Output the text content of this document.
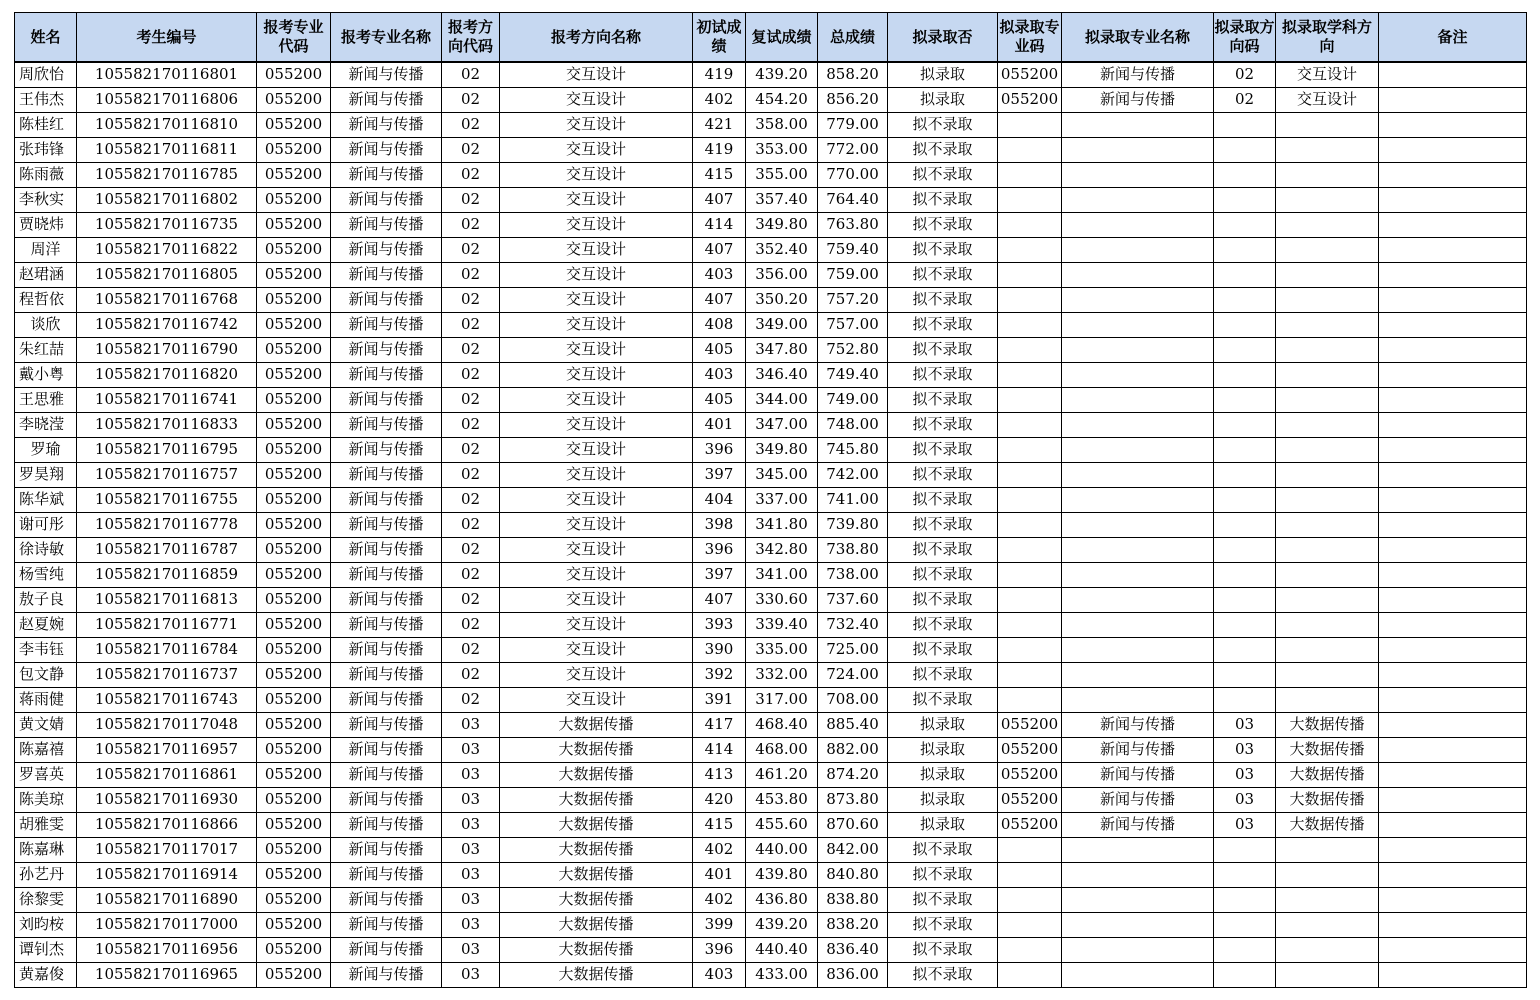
姓名	考生编号	报考专业代码	报考专业名称	报考方向代码	报考方向名称	初试成绩	复试成绩	总成绩	拟录取否	拟录取专业码	拟录取专业名称	拟录取方向码	拟录取学科方向	备注
周欣怡	105582170116801	055200	新闻与传播	02	交互设计	419	439.20	858.20	拟录取	055200	新闻与传播	02	交互设计	
王伟杰	105582170116806	055200	新闻与传播	02	交互设计	402	454.20	856.20	拟录取	055200	新闻与传播	02	交互设计	
陈桂红	105582170116810	055200	新闻与传播	02	交互设计	421	358.00	779.00	拟不录取					
张玮锋	105582170116811	055200	新闻与传播	02	交互设计	419	353.00	772.00	拟不录取					
陈雨薇	105582170116785	055200	新闻与传播	02	交互设计	415	355.00	770.00	拟不录取					
李秋实	105582170116802	055200	新闻与传播	02	交互设计	407	357.40	764.40	拟不录取					
贾晓炜	105582170116735	055200	新闻与传播	02	交互设计	414	349.80	763.80	拟不录取					
周洋	105582170116822	055200	新闻与传播	02	交互设计	407	352.40	759.40	拟不录取					
赵珺涵	105582170116805	055200	新闻与传播	02	交互设计	403	356.00	759.00	拟不录取					
程哲依	105582170116768	055200	新闻与传播	02	交互设计	407	350.20	757.20	拟不录取					
谈欣	105582170116742	055200	新闻与传播	02	交互设计	408	349.00	757.00	拟不录取					
朱红喆	105582170116790	055200	新闻与传播	02	交互设计	405	347.80	752.80	拟不录取					
戴小粤	105582170116820	055200	新闻与传播	02	交互设计	403	346.40	749.40	拟不录取					
王思雅	105582170116741	055200	新闻与传播	02	交互设计	405	344.00	749.00	拟不录取					
李晓滢	105582170116833	055200	新闻与传播	02	交互设计	401	347.00	748.00	拟不录取					
罗瑜	105582170116795	055200	新闻与传播	02	交互设计	396	349.80	745.80	拟不录取					
罗昊翔	105582170116757	055200	新闻与传播	02	交互设计	397	345.00	742.00	拟不录取					
陈华斌	105582170116755	055200	新闻与传播	02	交互设计	404	337.00	741.00	拟不录取					
谢可彤	105582170116778	055200	新闻与传播	02	交互设计	398	341.80	739.80	拟不录取					
徐诗敏	105582170116787	055200	新闻与传播	02	交互设计	396	342.80	738.80	拟不录取					
杨雪纯	105582170116859	055200	新闻与传播	02	交互设计	397	341.00	738.00	拟不录取					
敖子良	105582170116813	055200	新闻与传播	02	交互设计	407	330.60	737.60	拟不录取					
赵夏婉	105582170116771	055200	新闻与传播	02	交互设计	393	339.40	732.40	拟不录取					
李韦钰	105582170116784	055200	新闻与传播	02	交互设计	390	335.00	725.00	拟不录取					
包文静	105582170116737	055200	新闻与传播	02	交互设计	392	332.00	724.00	拟不录取					
蒋雨健	105582170116743	055200	新闻与传播	02	交互设计	391	317.00	708.00	拟不录取					
黄文婧	105582170117048	055200	新闻与传播	03	大数据传播	417	468.40	885.40	拟录取	055200	新闻与传播	03	大数据传播	
陈嘉禧	105582170116957	055200	新闻与传播	03	大数据传播	414	468.00	882.00	拟录取	055200	新闻与传播	03	大数据传播	
罗喜英	105582170116861	055200	新闻与传播	03	大数据传播	413	461.20	874.20	拟录取	055200	新闻与传播	03	大数据传播	
陈美琼	105582170116930	055200	新闻与传播	03	大数据传播	420	453.80	873.80	拟录取	055200	新闻与传播	03	大数据传播	
胡雅雯	105582170116866	055200	新闻与传播	03	大数据传播	415	455.60	870.60	拟录取	055200	新闻与传播	03	大数据传播	
陈嘉琳	105582170117017	055200	新闻与传播	03	大数据传播	402	440.00	842.00	拟不录取					
孙艺丹	105582170116914	055200	新闻与传播	03	大数据传播	401	439.80	840.80	拟不录取					
徐黎雯	105582170116890	055200	新闻与传播	03	大数据传播	402	436.80	838.80	拟不录取					
刘昀桉	105582170117000	055200	新闻与传播	03	大数据传播	399	439.20	838.20	拟不录取					
谭钊杰	105582170116956	055200	新闻与传播	03	大数据传播	396	440.40	836.40	拟不录取					
黄嘉俊	105582170116965	055200	新闻与传播	03	大数据传播	403	433.00	836.00	拟不录取					
